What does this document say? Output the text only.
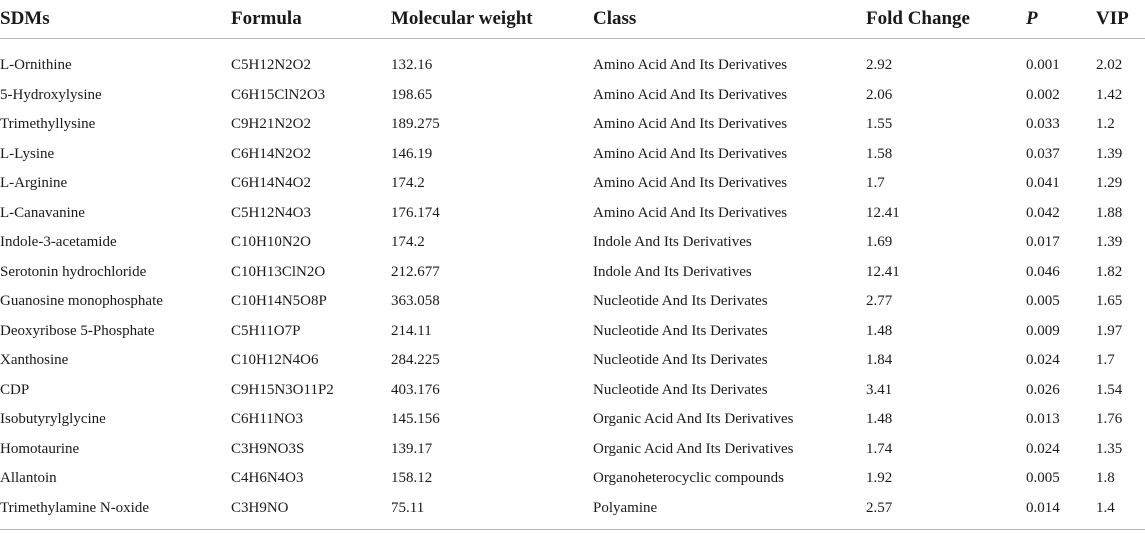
SDMs	Formula	Molecular weight	Class	Fold Change	P	VIP
L-Ornithine	C5H12N2O2	132.16	Amino Acid And Its Derivatives	2.92	0.001	2.02
5-Hydroxylysine	C6H15ClN2O3	198.65	Amino Acid And Its Derivatives	2.06	0.002	1.42
Trimethyllysine	C9H21N2O2	189.275	Amino Acid And Its Derivatives	1.55	0.033	1.2
L-Lysine	C6H14N2O2	146.19	Amino Acid And Its Derivatives	1.58	0.037	1.39
L-Arginine	C6H14N4O2	174.2	Amino Acid And Its Derivatives	1.7	0.041	1.29
L-Canavanine	C5H12N4O3	176.174	Amino Acid And Its Derivatives	12.41	0.042	1.88
Indole-3-acetamide	C10H10N2O	174.2	Indole And Its Derivatives	1.69	0.017	1.39
Serotonin hydrochloride	C10H13ClN2O	212.677	Indole And Its Derivatives	12.41	0.046	1.82
Guanosine monophosphate	C10H14N5O8P	363.058	Nucleotide And Its Derivates	2.77	0.005	1.65
Deoxyribose 5-Phosphate	C5H11O7P	214.11	Nucleotide And Its Derivates	1.48	0.009	1.97
Xanthosine	C10H12N4O6	284.225	Nucleotide And Its Derivates	1.84	0.024	1.7
CDP	C9H15N3O11P2	403.176	Nucleotide And Its Derivates	3.41	0.026	1.54
Isobutyrylglycine	C6H11NO3	145.156	Organic Acid And Its Derivatives	1.48	0.013	1.76
Homotaurine	C3H9NO3S	139.17	Organic Acid And Its Derivatives	1.74	0.024	1.35
Allantoin	C4H6N4O3	158.12	Organoheterocyclic compounds	1.92	0.005	1.8
Trimethylamine N-oxide	C3H9NO	75.11	Polyamine	2.57	0.014	1.4
